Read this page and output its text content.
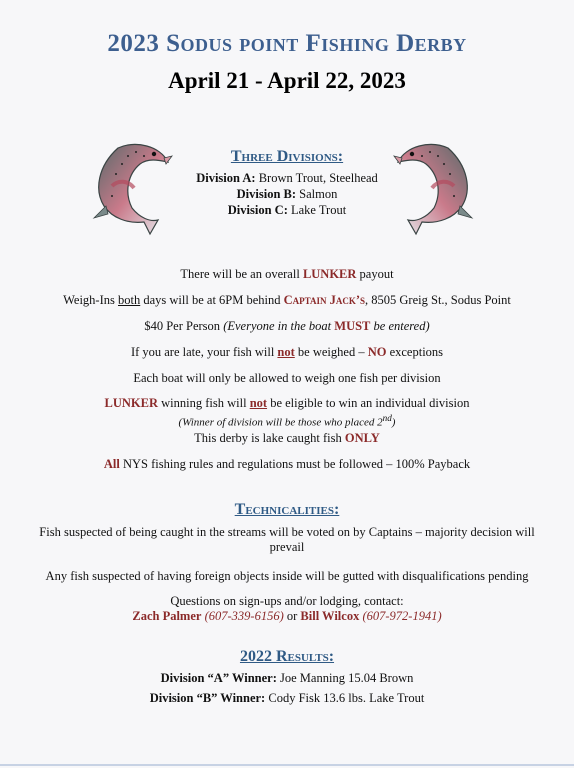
2023 Sodus point Fishing Derby
April 21 - April 22, 2023
Three Divisions:
Division A: Brown Trout, Steelhead
Division B: Salmon
Division C: Lake Trout
There will be an overall LUNKER payout
Weigh-Ins both days will be at 6PM behind Captain Jack’s, 8505 Greig St., Sodus Point
$40 Per Person (Everyone in the boat MUST be entered)
If you are late, your fish will not be weighed – NO exceptions
Each boat will only be allowed to weigh one fish per division
LUNKER winning fish will not be eligible to win an individual division
(Winner of division will be those who placed 2nd)
This derby is lake caught fish ONLY
All NYS fishing rules and regulations must be followed – 100% Payback
Technicalities:
Fish suspected of being caught in the streams will be voted on by Captains – majority decision will prevail
Any fish suspected of having foreign objects inside will be gutted with disqualifications pending
Questions on sign-ups and/or lodging, contact:
Zach Palmer (607-339-6156) or Bill Wilcox (607-972-1941)
2022 Results:
Division “A” Winner: Joe Manning 15.04 Brown
Division “B” Winner: Cody Fisk 13.6 lbs. Lake Trout
